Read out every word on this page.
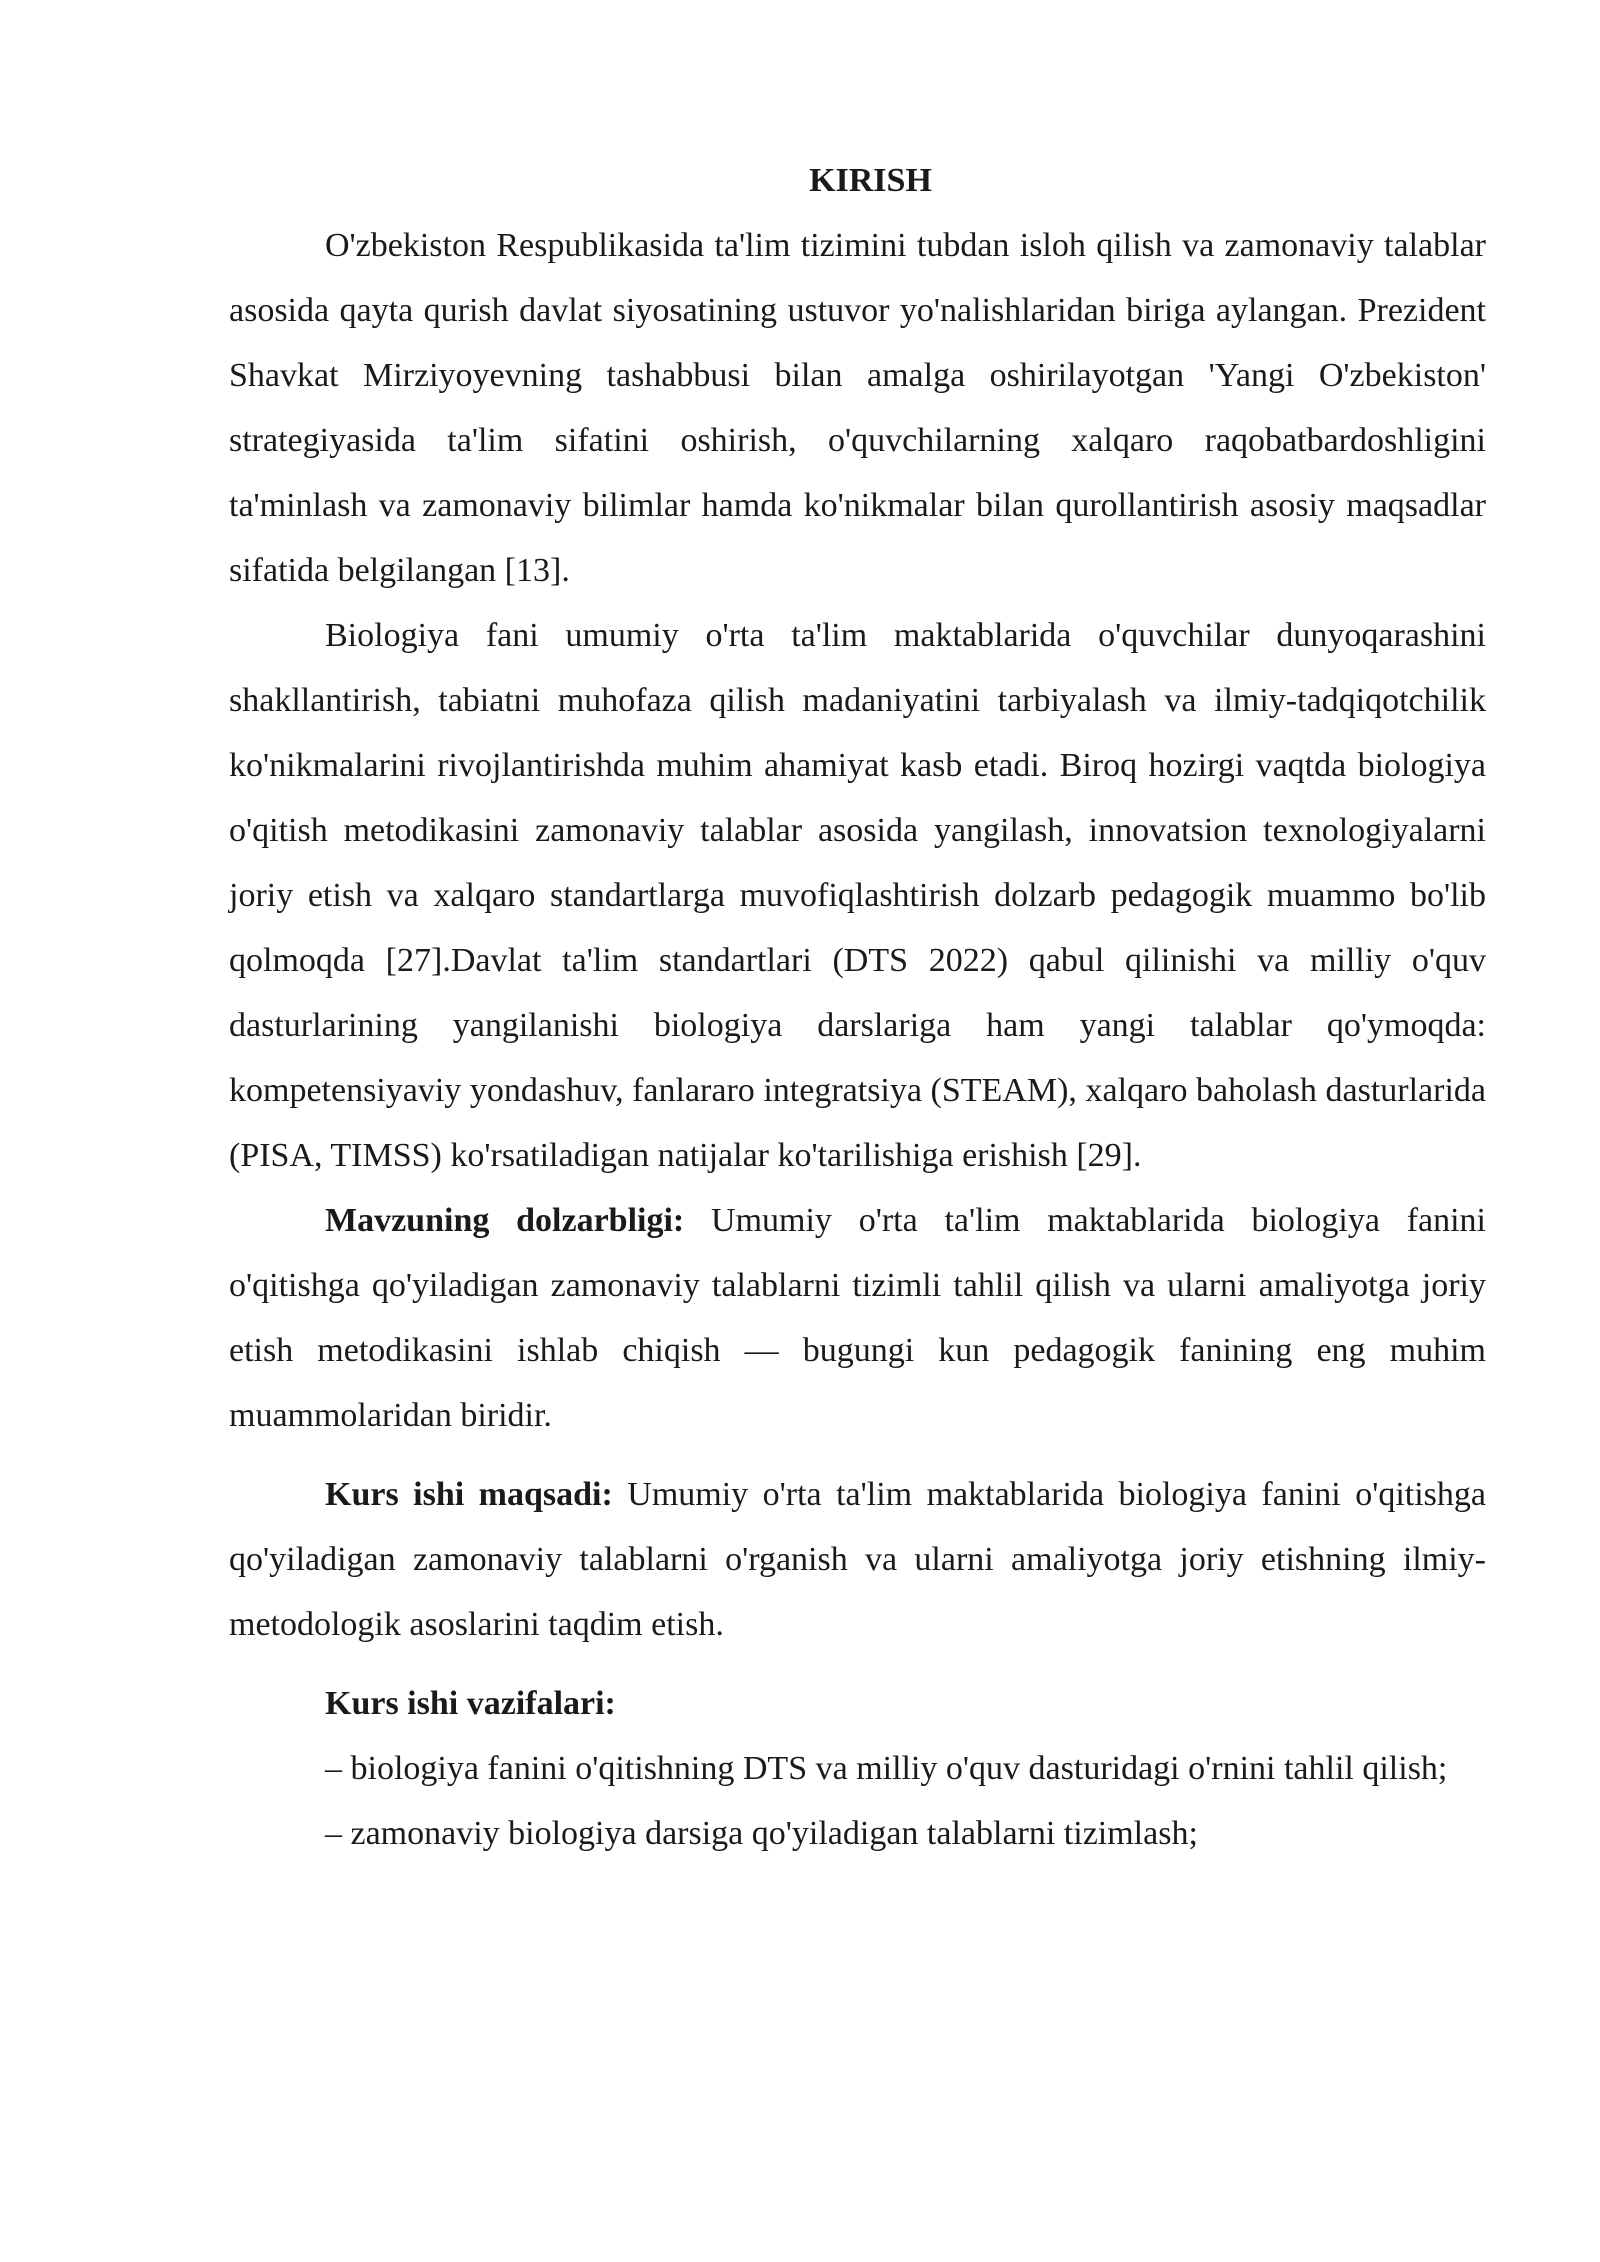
KIRISH

O'zbekiston Respublikasida ta'lim tizimini tubdan isloh qilish va zamonaviy talablar asosida qayta qurish davlat siyosatining ustuvor yo'nalishlaridan biriga aylangan. Prezident Shavkat Mirziyoyevning tashabbusi bilan amalga oshirilayotgan 'Yangi O'zbekiston' strategiyasida ta'lim sifatini oshirish, o'quvchilarning xalqaro raqobatbardoshligini ta'minlash va zamonaviy bilimlar hamda ko'nikmalar bilan qurollantirish asosiy maqsadlar sifatida belgilangan [13].

Biologiya fani umumiy o'rta ta'lim maktablarida o'quvchilar dunyoqarashini shakllantirish, tabiatni muhofaza qilish madaniyatini tarbiyalash va ilmiy-tadqiqotchilik ko'nikmalarini rivojlantirishda muhim ahamiyat kasb etadi. Biroq hozirgi vaqtda biologiya o'qitish metodikasini zamonaviy talablar asosida yangilash, innovatsion texnologiyalarni joriy etish va xalqaro standartlarga muvofiqlashtirish dolzarb pedagogik muammo bo'lib qolmoqda [27].Davlat ta'lim standartlari (DTS 2022) qabul qilinishi va milliy o'quv dasturlarining yangilanishi biologiya darslariga ham yangi talablar qo'ymoqda: kompetensiyaviy yondashuv, fanlararo integratsiya (STEAM), xalqaro baholash dasturlarida (PISA, TIMSS) ko'rsatiladigan natijalar ko'tarilishiga erishish [29].

Mavzuning dolzarbligi: Umumiy o'rta ta'lim maktablarida biologiya fanini o'qitishga qo'yiladigan zamonaviy talablarni tizimli tahlil qilish va ularni amaliyotga joriy etish metodikasini ishlab chiqish — bugungi kun pedagogik fanining eng muhim muammolaridan biridir.

Kurs ishi maqsadi: Umumiy o'rta ta'lim maktablarida biologiya fanini o'qitishga qo'yiladigan zamonaviy talablarni o'rganish va ularni amaliyotga joriy etishning ilmiy-metodologik asoslarini taqdim etish.

Kurs ishi vazifalari:

– biologiya fanini o'qitishning DTS va milliy o'quv dasturidagi o'rnini tahlil qilish;

– zamonaviy biologiya darsiga qo'yiladigan talablarni tizimlash;
